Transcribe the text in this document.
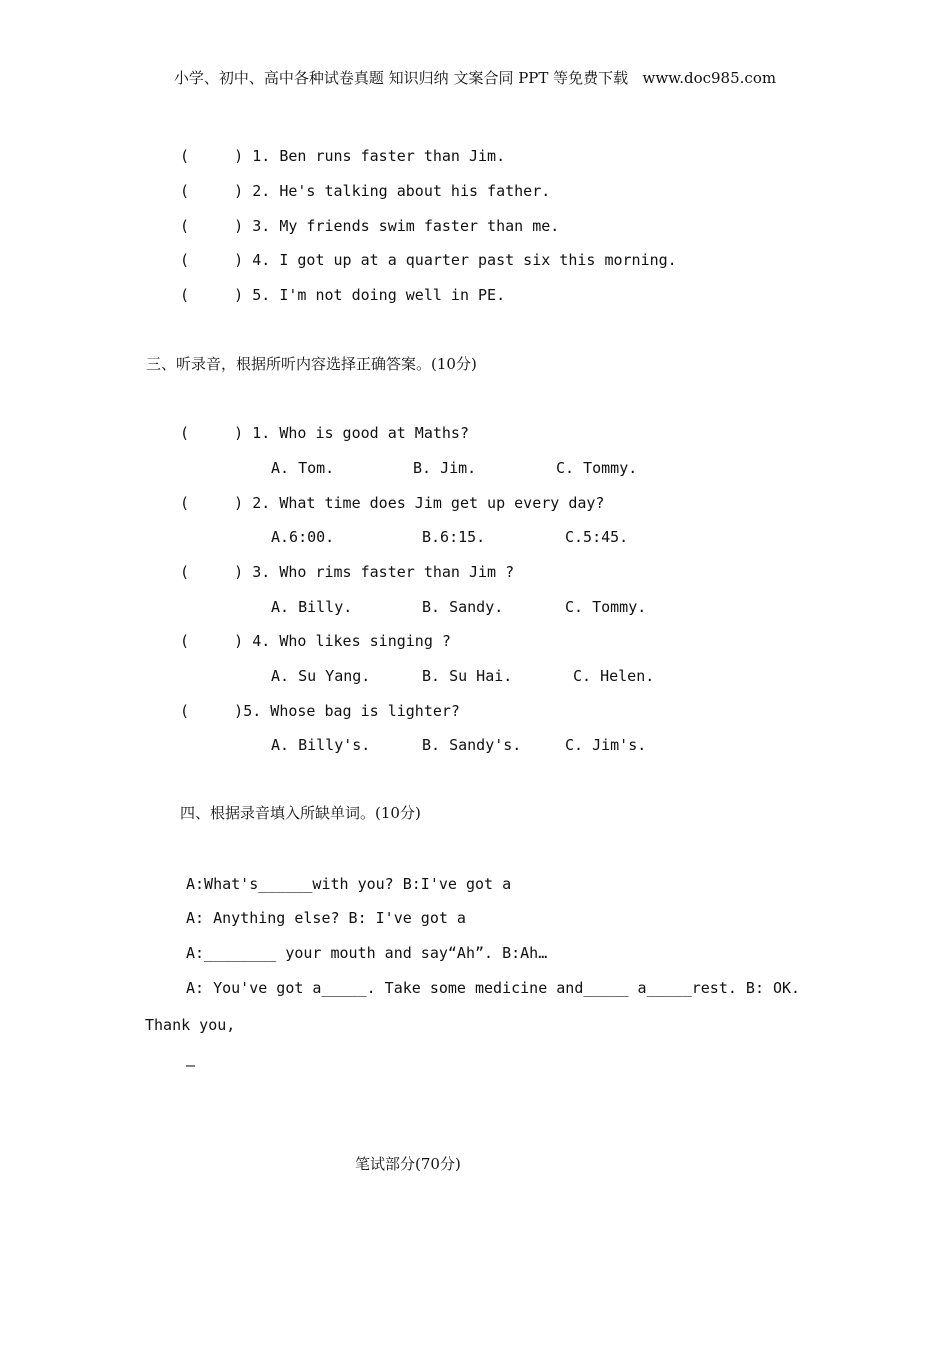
小学、初中、高中各种试卷真题 知识归纳 文案合同 PPT 等免费下载   www.doc985.com
(     ) 1. Ben runs faster than Jim.
(     ) 2. He's talking about his father.
(     ) 3. My friends swim faster than me.
(     ) 4. I got up at a quarter past six this morning.
(     ) 5. I'm not doing well in PE.
三、听录音，根据所听内容选择正确答案。(10分)
(     ) 1. Who is good at Maths?
A. Tom.	B. Jim.	C. Tommy.
(     ) 2. What time does Jim get up every day?
A.6:00.	B.6:15.	C.5:45.
(     ) 3. Who rims faster than Jim ?
A. Billy.	B. Sandy.	C. Tommy.
(     ) 4. Who likes singing ?
A. Su Yang.	B. Su Hai.	C. Helen.
(     )5. Whose bag is lighter?
A. Billy's.	B. Sandy's.	C. Jim's.
四、根据录音填入所缺单词。(10分)
A:What's______with you? B:I've got a
A: Anything else? B: I've got a
A:________ your mouth and say“Ah”. B:Ah…
A: You've got a_____. Take some medicine and_____ a_____rest. B: OK.
Thank you,
—
笔试部分(70分)
